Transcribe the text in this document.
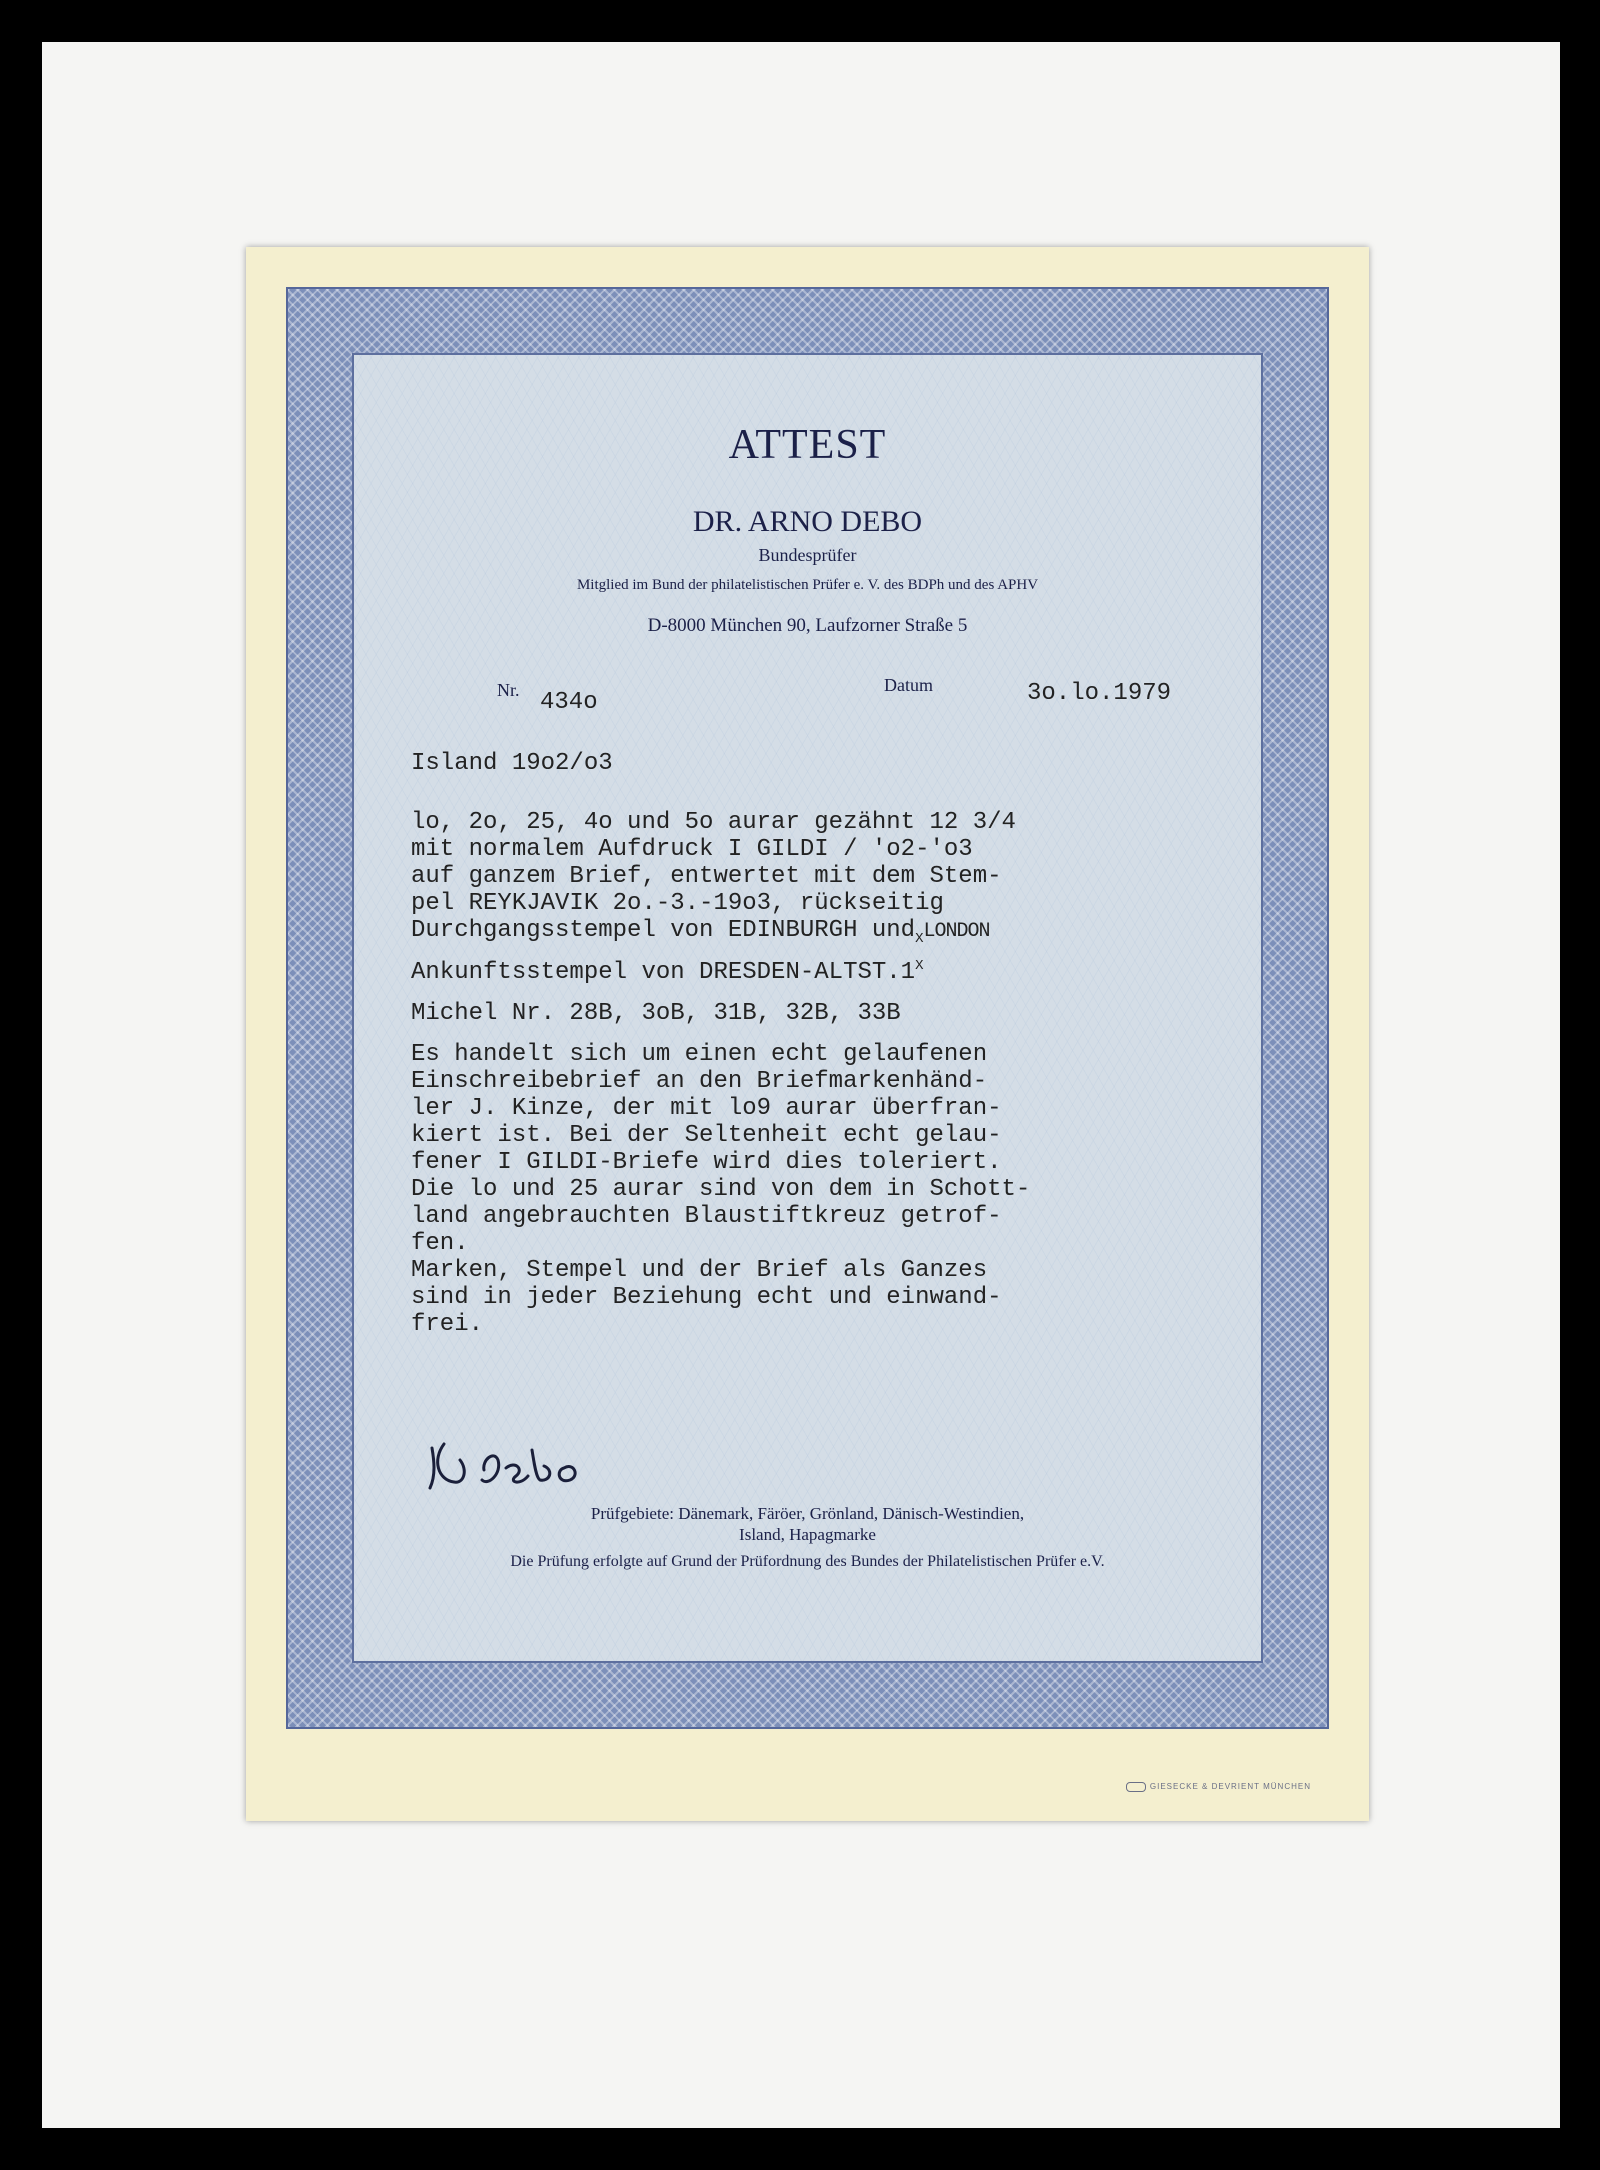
ATTEST
DR. ARNO DEBO
Bundesprüfer
Mitglied im Bund der philatelistischen Prüfer e. V. des BDPh und des APHV
D-8000 München 90, Laufzorner Straße 5
Nr. 434o
Datum	3o.lo.1979

Island 19o2/o3

lo, 2o, 25, 4o und 5o aurar gezähnt 12 3/4

mit normalem Aufdruck I GILDI / 'o2-'o3

auf ganzem Brief, entwertet mit dem Stem-

pel REYKJAVIK 2o.-3.-19o3, rückseitig

Durchgangsstempel von EDINBURGH und$_X$LONDON

Ankunftsstempel von DRESDEN-$ALTST.1^X$

Michel Nr. 28B, 3oB, 31B, 32B, 33B

Es handelt sich um einen echt gelaufenen

Einschreibebrief an den Briefmarkenhänd-

ler J. Kinze, der mit lo9 aurar überfran-

kiert ist. Bei der Seltenheit echt gelau-

fener I GILDI-Briefe wird dies toleriert.

Die lo und 25 aurar sind von dem in Schott-

land angebrauchten Blaustiftkreuz getrof-

fen.

Marken, Stempel und der Brief als Ganzes

sind in jeder Beziehung echt und einwand-

frei.

Prüfgebiete: Dänemark, Färöer, Grönland, Dänisch-Westindien,
Island, Hapagmarke
Die Prüfung erfolgte auf Grund der Prüfordnung des Bundes der Philatelistischen Prüfer e.V.
GIESECKE & DEVRIENT MÜNCHEN
